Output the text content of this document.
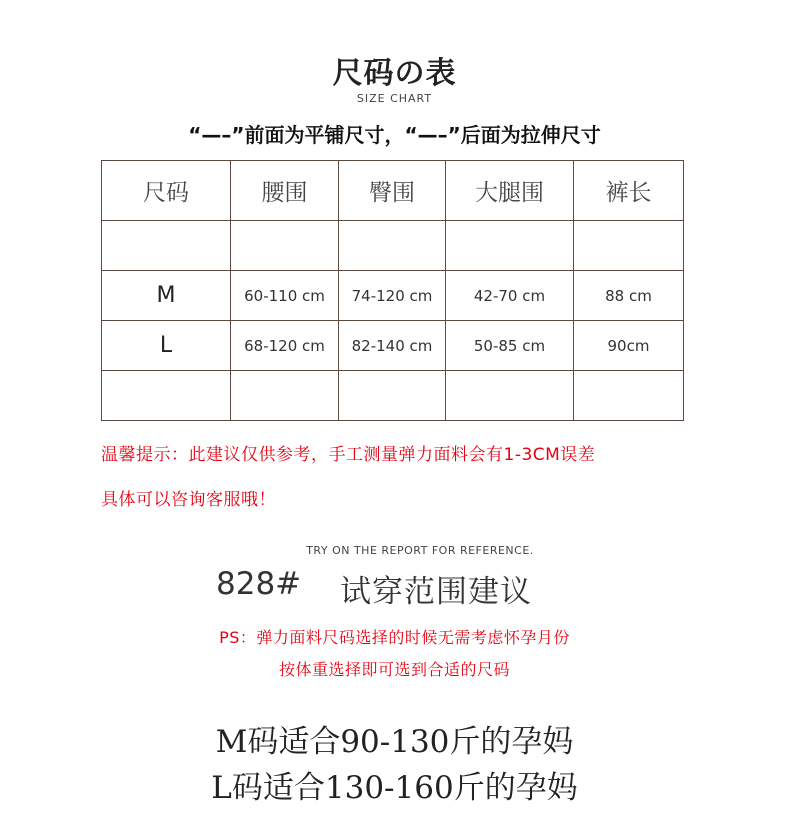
尺码の表
SIZE CHART
“—–”前面为平铺尺寸，“—–”后面为拉伸尺寸
尺码	腰围	臀围	大腿围	裤长

M	60-110 cm	74-120 cm	42-70 cm	88 cm
L	68-120 cm	82-140 cm	50-85 cm	90cm

温馨提示：此建议仅供参考，手工测量弹力面料会有1-3CM误差
具体可以咨询客服哦！
TRY ON THE REPORT FOR REFERENCE.
828# 试穿范围建议
PS：弹力面料尺码选择的时候无需考虑怀孕月份
按体重选择即可选到合适的尺码
M码适合90-130斤的孕妈
L码适合130-160斤的孕妈
